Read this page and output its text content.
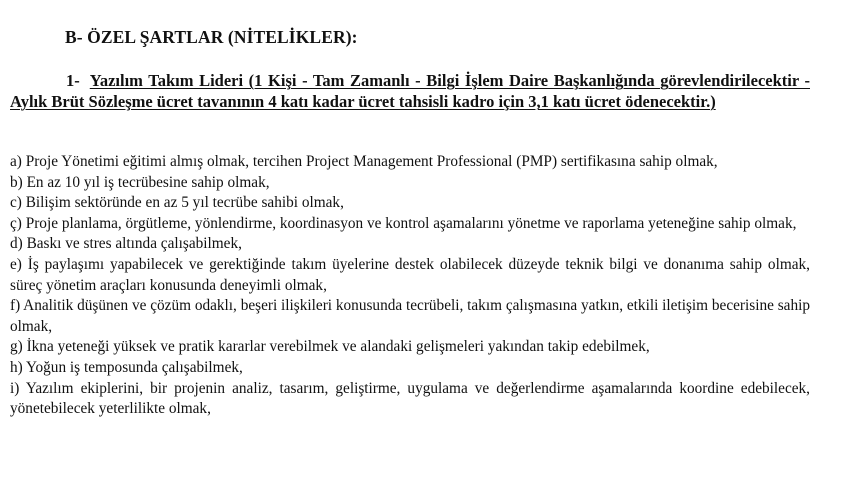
B- ÖZEL ŞARTLAR (NİTELİKLER):
1- Yazılım Takım Lideri (1 Kişi - Tam Zamanlı - Bilgi İşlem Daire Başkanlığında görevlendirilecektir - Aylık Brüt Sözleşme ücret tavanının 4 katı kadar ücret tahsisli kadro için 3,1 katı ücret ödenecektir.)
a) Proje Yönetimi eğitimi almış olmak, tercihen Project Management Professional (PMP) sertifikasına sahip olmak,
b) En az 10 yıl iş tecrübesine sahip olmak,
c) Bilişim sektöründe en az 5 yıl tecrübe sahibi olmak,
ç) Proje planlama, örgütleme, yönlendirme, koordinasyon ve kontrol aşamalarını yönetme ve raporlama yeteneğine sahip olmak,
d) Baskı ve stres altında çalışabilmek,
e) İş paylaşımı yapabilecek ve gerektiğinde takım üyelerine destek olabilecek düzeyde teknik bilgi ve donanıma sahip olmak, süreç yönetim araçları konusunda deneyimli olmak,
f) Analitik düşünen ve çözüm odaklı, beşeri ilişkileri konusunda tecrübeli, takım çalışmasına yatkın, etkili iletişim becerisine sahip olmak,
g) İkna yeteneği yüksek ve pratik kararlar verebilmek ve alandaki gelişmeleri yakından takip edebilmek,
h) Yoğun iş temposunda çalışabilmek,
i) Yazılım ekiplerini, bir projenin analiz, tasarım, geliştirme, uygulama ve değerlendirme aşamalarında koordine edebilecek, yönetebilecek yeterlilikte olmak,
